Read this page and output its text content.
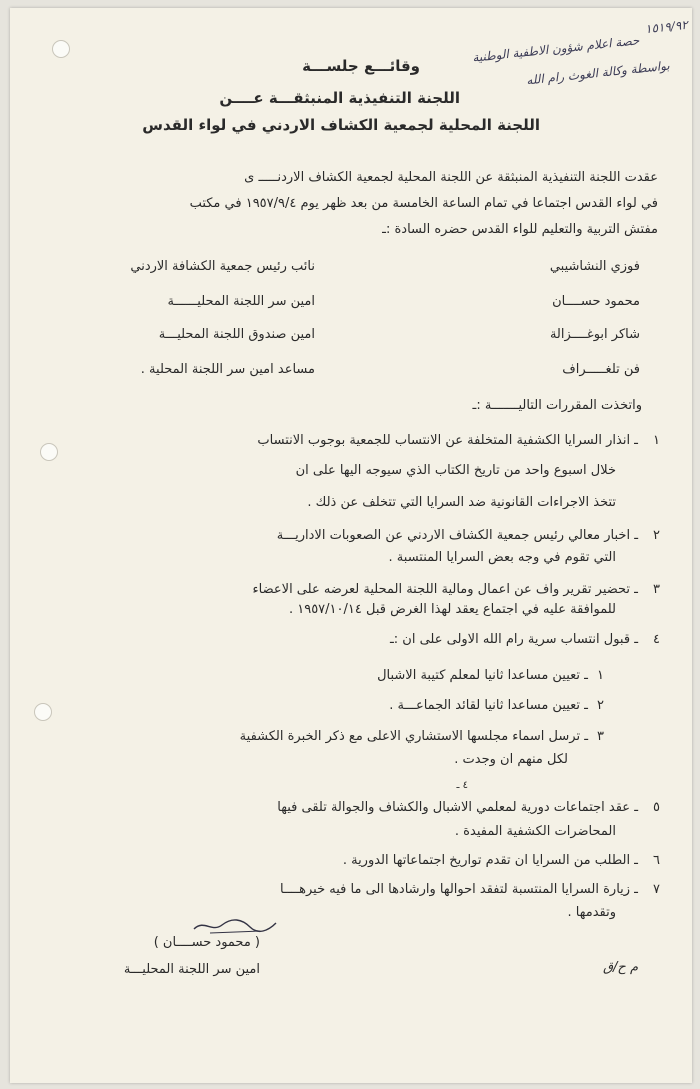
١٥١٩/٩٢
حصة اعلام شؤون الاطفية الوطنية
بواسطة وكالة الغوث رام الله
وقائـــع جلســـة
اللجنة التنفيذية المنبثقـــة عــــن
اللجنة المحلية لجمعية الكشاف الاردني في لواء القدس
عقدت اللجنة التنفيذية المنبثقة عن اللجنة المحلية لجمعية الكشاف الاردنـــــ ى
في لواء القدس اجتماعا في تمام الساعة الخامسة من بعد ظهر يوم ١٩٥٧/٩/٤ في مكتب
مفتش التربية والتعليم للواء القدس حضره السادة :ـ
فوزي النشاشيبي
نائب رئيس جمعية الكشافة الاردني
محمود حســــان
امين سر اللجنة المحليــــــة
شاكر ابوغــــزالة
امين صندوق اللجنة المحليـــة
فن تلغـــــراف
مساعد امين سر اللجنة المحلية .
واتخذت المقررات التاليـــــــة :ـ
ـ انذار السرايا الكشفية المتخلفة عن الانتساب للجمعية بوجوب الانتساب
خلال اسبوع واحد من تاريخ الكتاب الذي سيوجه اليها على ان
تتخذ الاجراءات القانونية ضد السرايا التي تتخلف عن ذلك .
ـ اخبار معالي رئيس جمعية الكشاف الاردني عن الصعوبات الاداريـــة
التي تقوم في وجه بعض السرايا المنتسبة .
ـ تحضير تقرير واف عن اعمال ومالية اللجنة المحلية لعرضه على الاعضاء
للموافقة عليه في اجتماع يعقد لهذا الغرض قبل ١٩٥٧/١٠/١٤ .
ـ قبول انتساب سرية رام الله الاولى على ان :ـ
١
١
ـ تعيين مساعدا ثانيا لمعلم كتيبة الاشبال
٢
ـ تعيين مساعدا ثانيا لقائد الجماعـــة .
٣
ـ ترسل اسماء مجلسها الاستشاري الاعلى مع ذكر الخبرة الكشفية
لكل منهم ان وجدت .
٤ ـ
٥
ـ عقد اجتماعات دورية لمعلمي الاشبال والكشاف والجوالة تلقى فيها
المحاضرات الكشفية المفيدة .
٦
ـ الطلب من السرايا ان تقدم تواريخ اجتماعاتها الدورية .
٧
ـ زيارة السرايا المنتسبة لتفقد احوالها وارشادها الى ما فيه خيرهــــا
وتقدمها .
( محمود حســــان )
امين سر اللجنة المحليـــة	م ح/ق
٢
٣
٤
